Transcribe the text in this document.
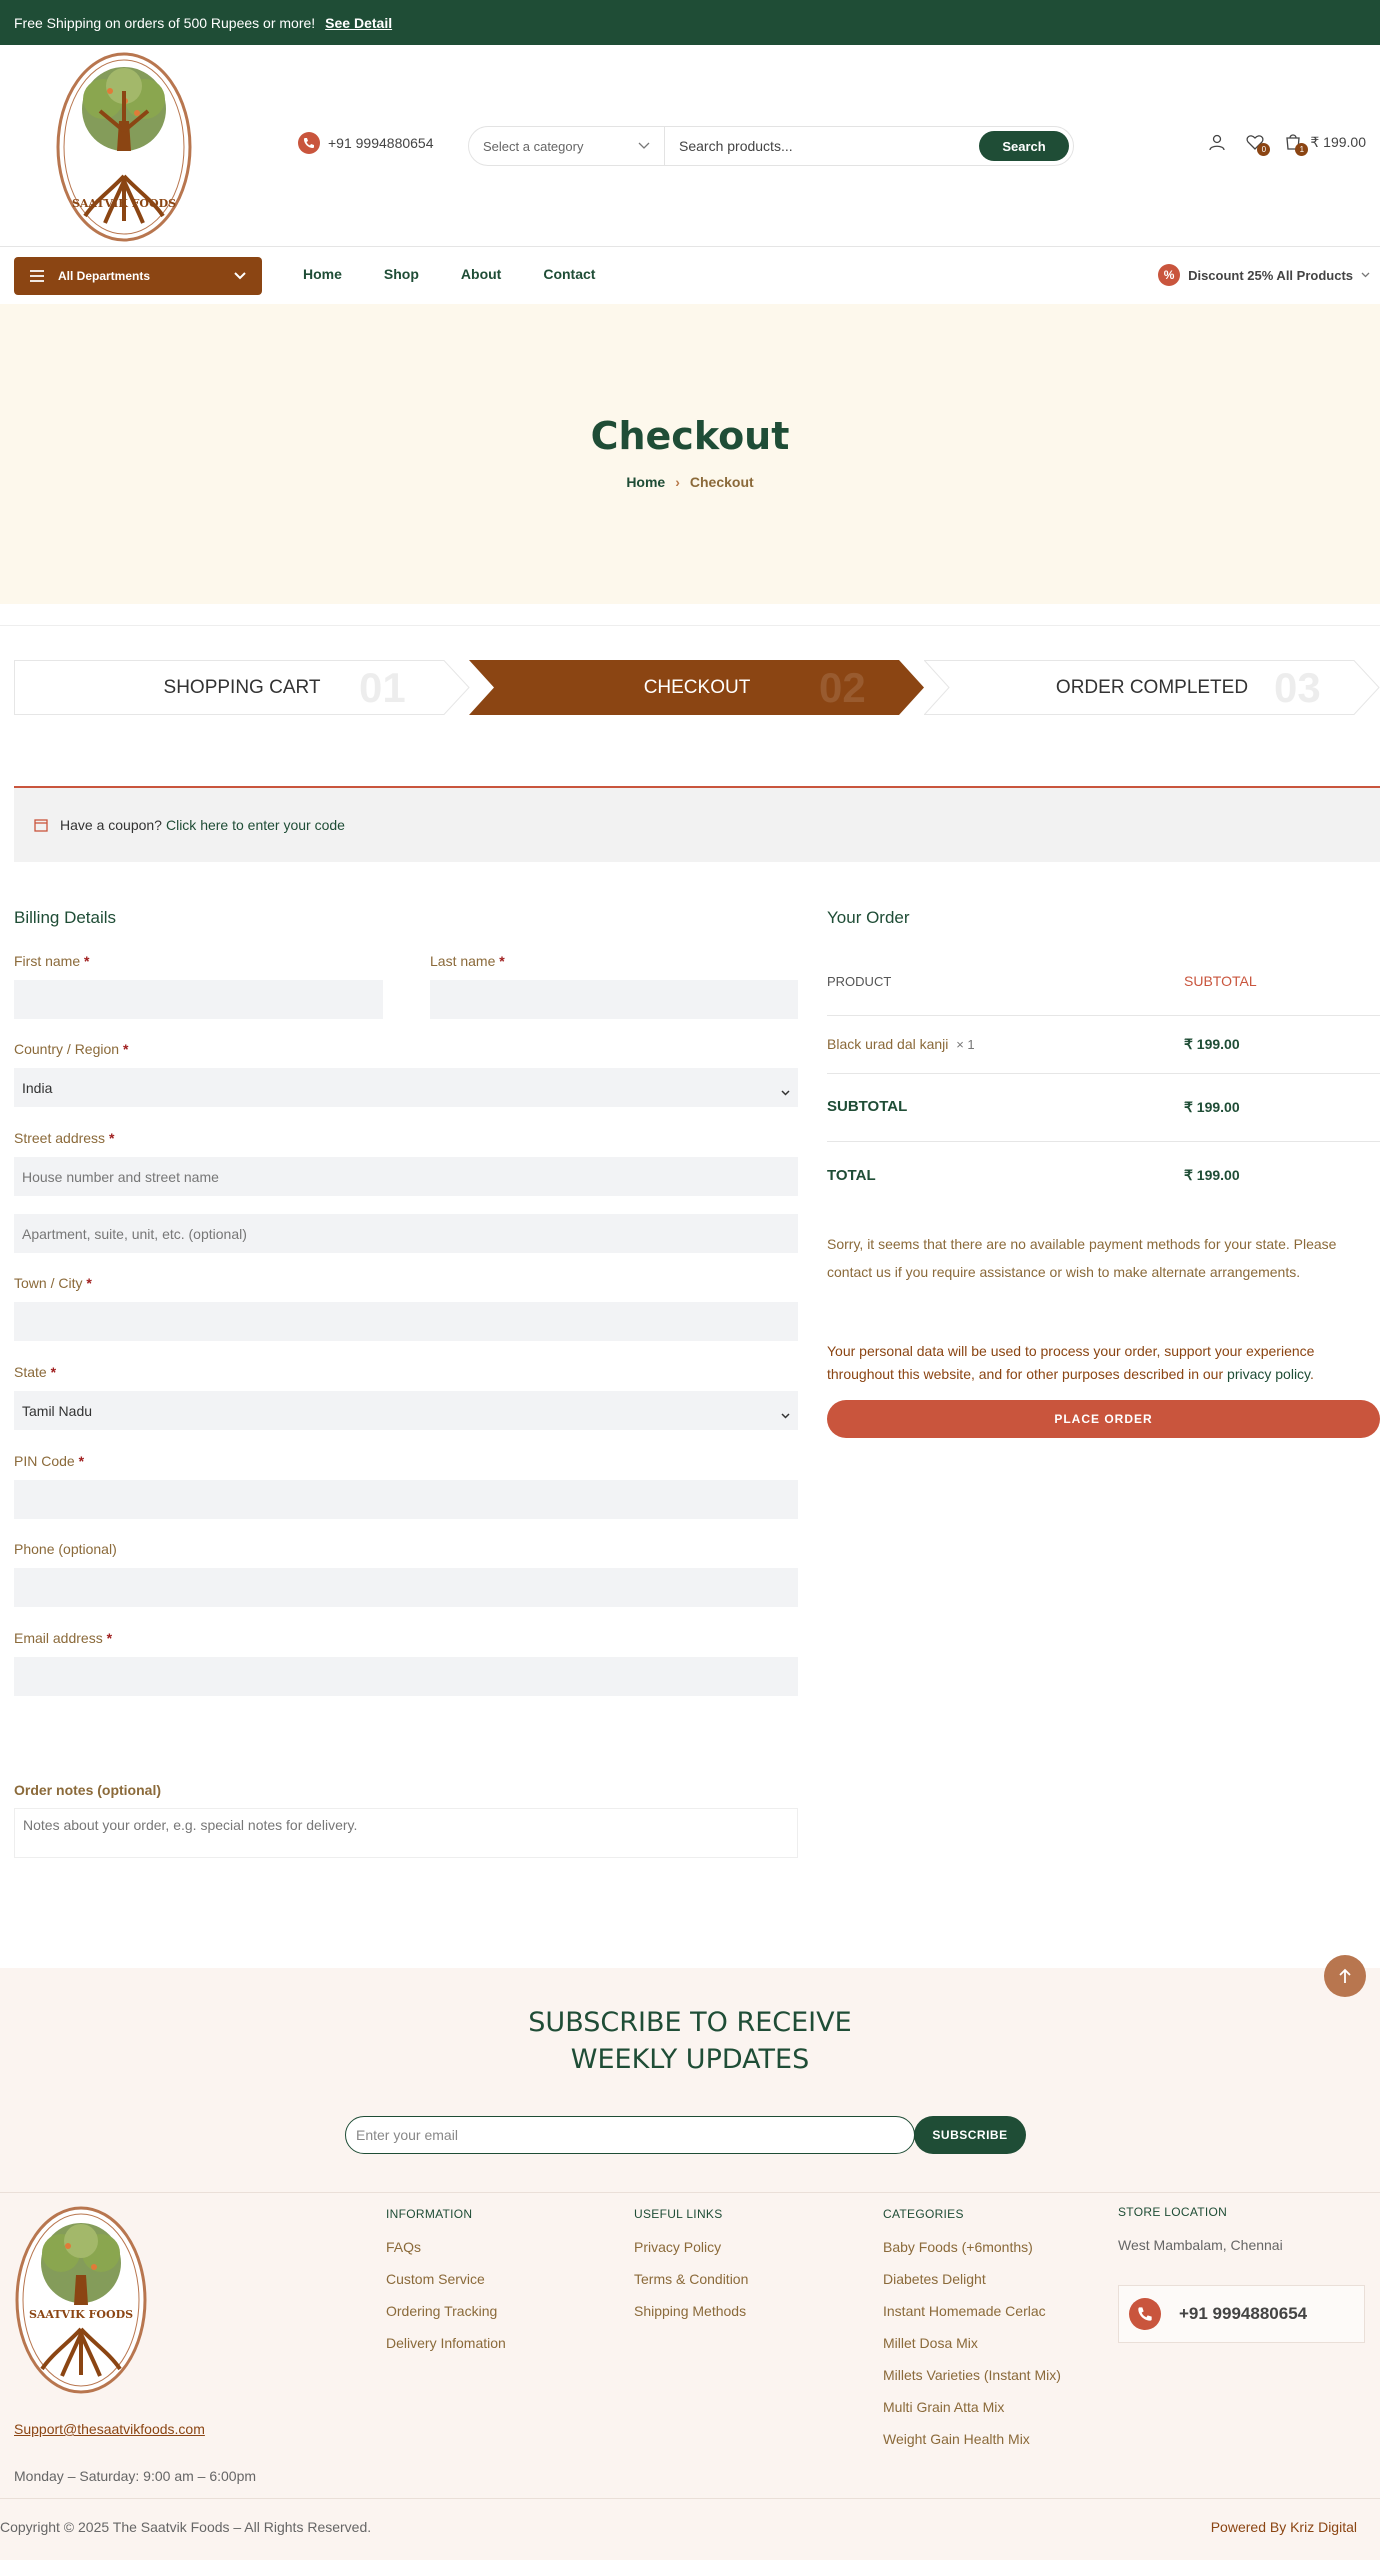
Free Shipping on orders of 500 Rupees or more! See Detail
SAATVIK FOODS
+91 9994880654	Select a category
Search products...	Search	0	1 ₹ 199.00
All Departments	Home	Shop	About	Contact	%	Discount 25% All Products
Checkout
Home › Checkout
SHOPPING CART 01	CHECKOUT 02	ORDER COMPLETED 03
Have a coupon? Click here to enter your code
Billing Details
First name *	Last name *
Country / Region *
India
Street address *
House number and street name
Apartment, suite, unit, etc. (optional)
Town / City *
State *
Tamil Nadu
PIN Code *
Phone (optional)
Email address *
Order notes (optional)
Notes about your order, e.g. special notes for delivery.
Your Order
PRODUCT	SUBTOTAL
Black urad dal kanji × 1	₹ 199.00
SUBTOTAL	₹ 199.00
TOTAL	₹ 199.00
Sorry, it seems that there are no available payment methods for your state. Please contact us if you require assistance or wish to make alternate arrangements.
Your personal data will be used to process your order, support your experience throughout this website, and for other purposes described in our privacy policy.
PLACE ORDER
SUBSCRIBE TO RECEIVE
WEEKLY UPDATES
Enter your email	SUBSCRIBE
SAATVIK FOODS
Support@thesaatvikfoods.com
Monday – Saturday: 9:00 am – 6:00pm
INFORMATION
FAQs
Custom Service
Ordering Tracking
Delivery Infomation
USEFUL LINKS
Privacy Policy
Terms & Condition
Shipping Methods
CATEGORIES
Baby Foods (+6months)
Diabetes Delight
Instant Homemade Cerlac
Millet Dosa Mix
Millets Varieties (Instant Mix)
Multi Grain Atta Mix
Weight Gain Health Mix
STORE LOCATION
West Mambalam, Chennai
+91 9994880654
Copyright © 2025 The Saatvik Foods – All Rights Reserved.	Powered By Kriz Digital
